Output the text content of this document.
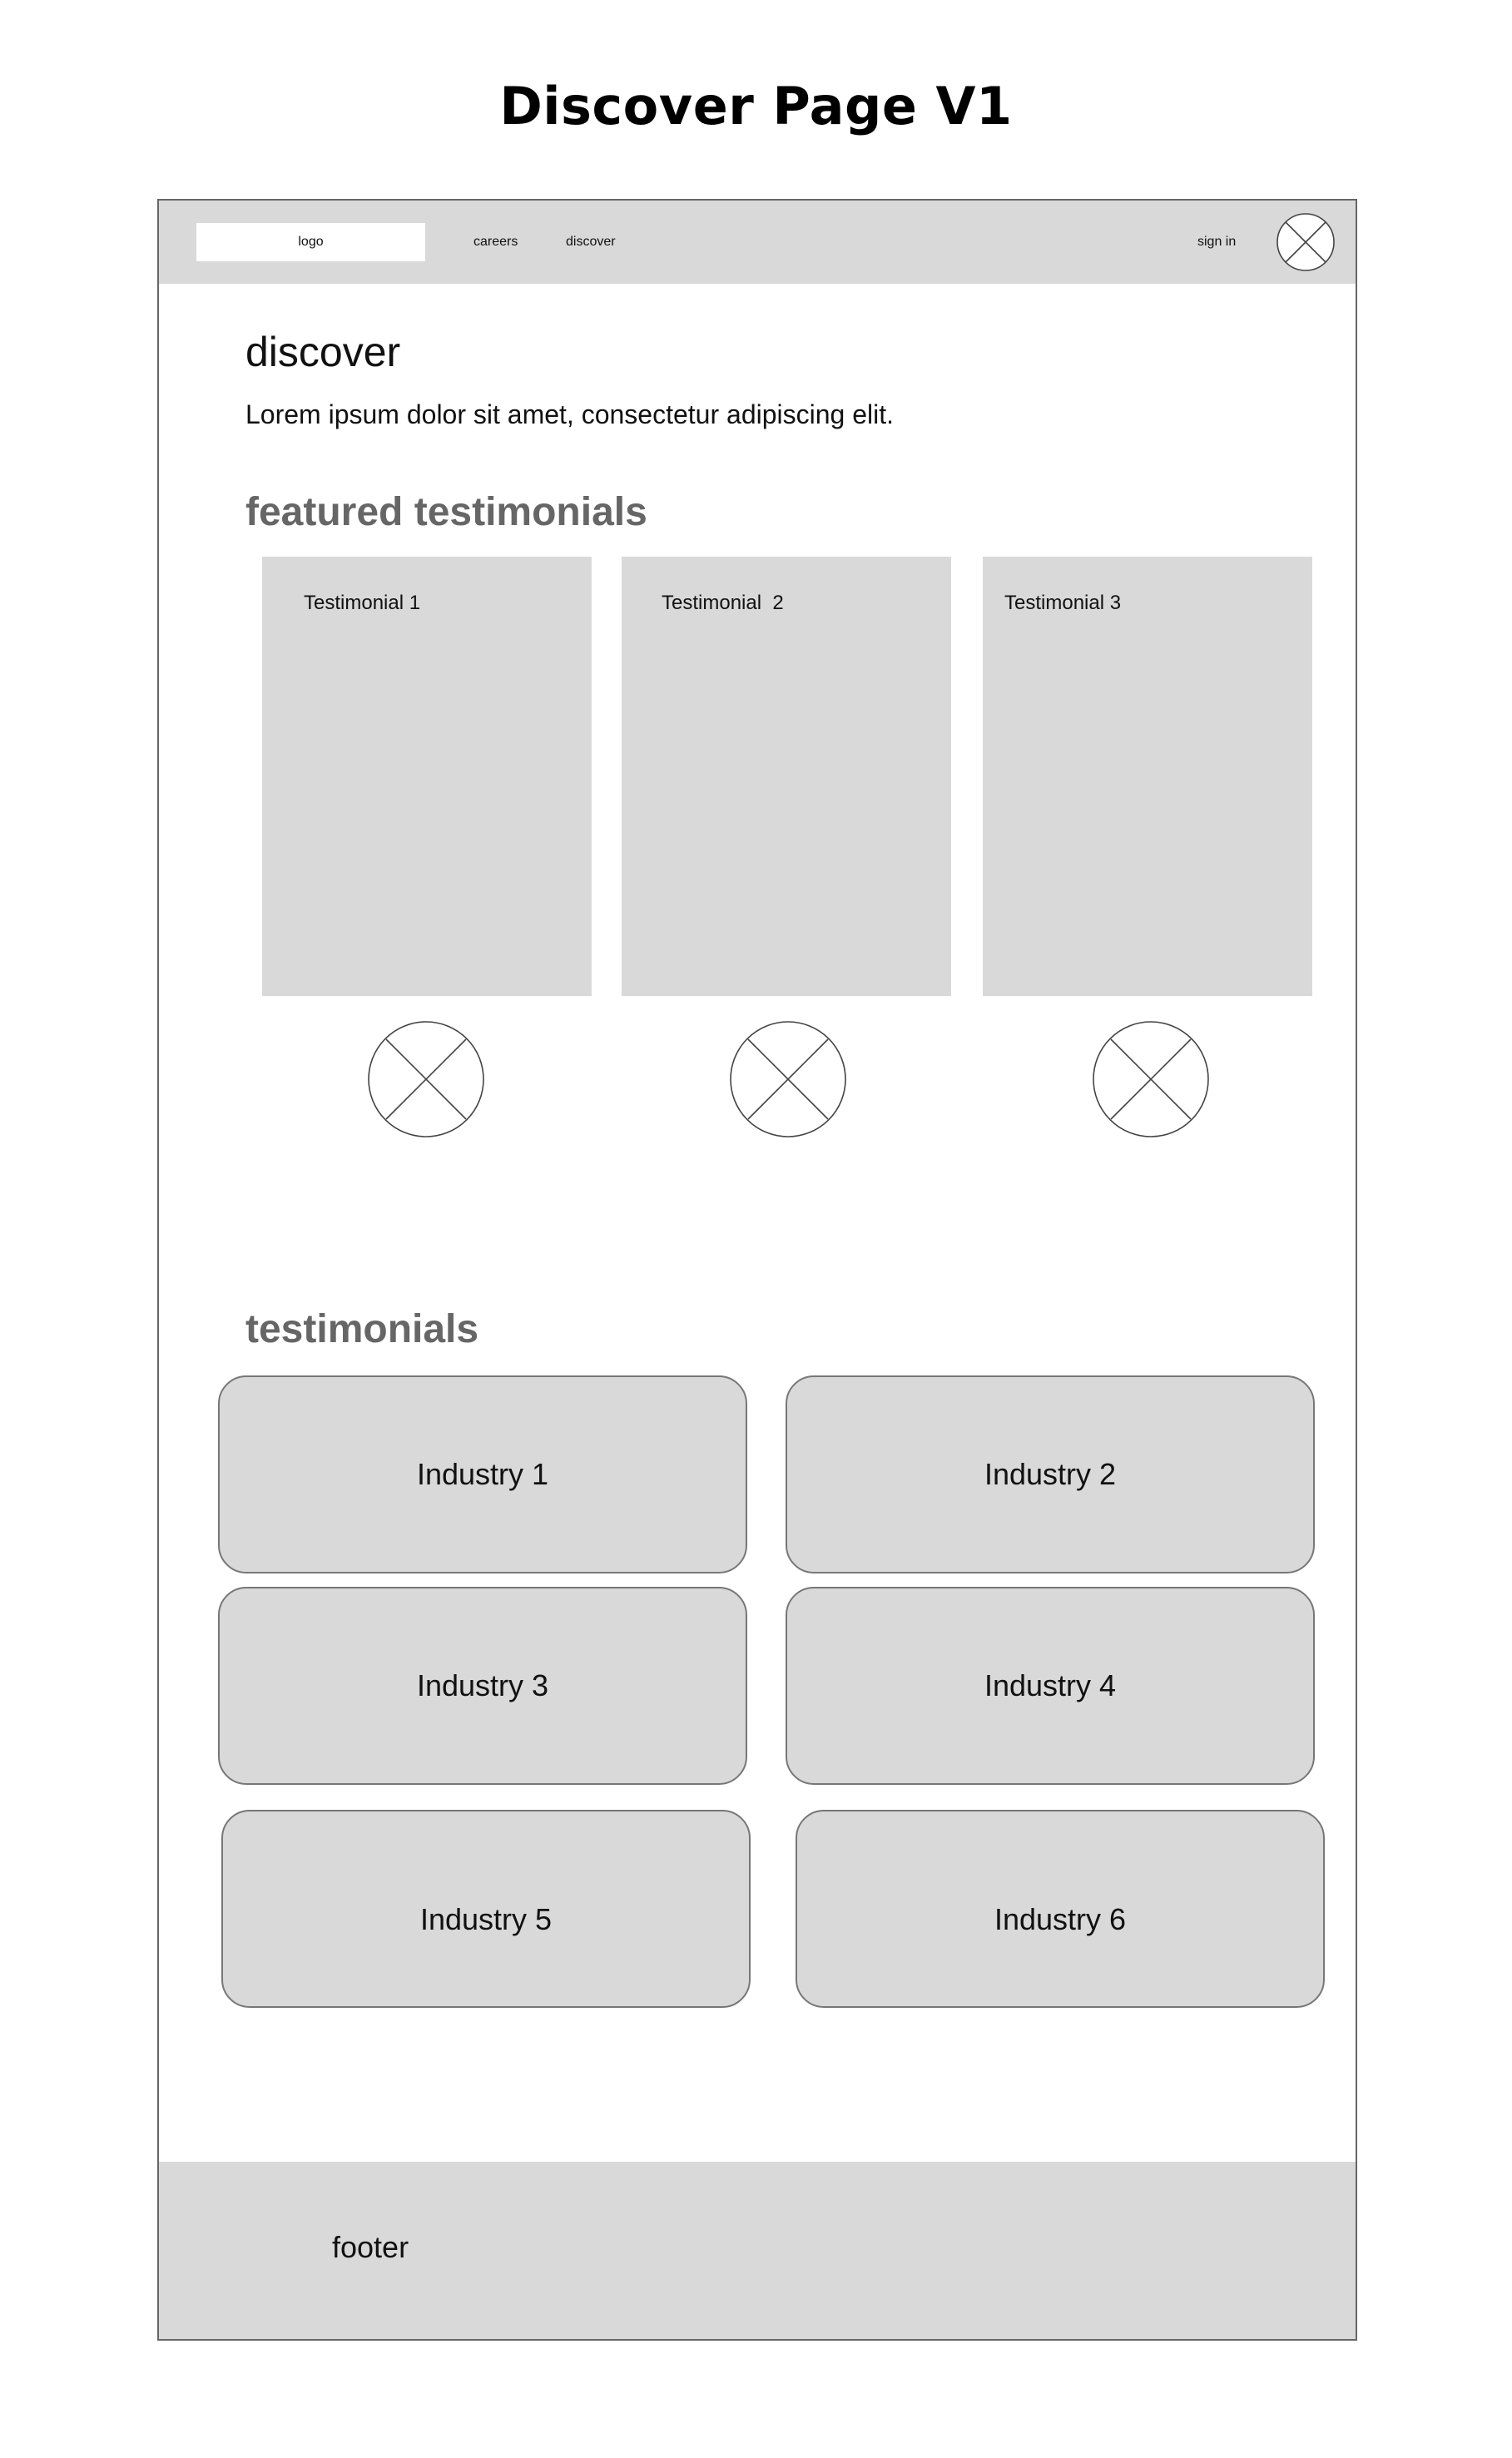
Discover Page V1
logo	careers	discover	sign in
discover
Lorem ipsum dolor sit amet, consectetur adipiscing elit.
featured testimonials
Testimonial 1	Testimonial  2	Testimonial 3
testimonials
Industry 1	Industry 2
Industry 3	Industry 4
Industry 5	Industry 6
footer
